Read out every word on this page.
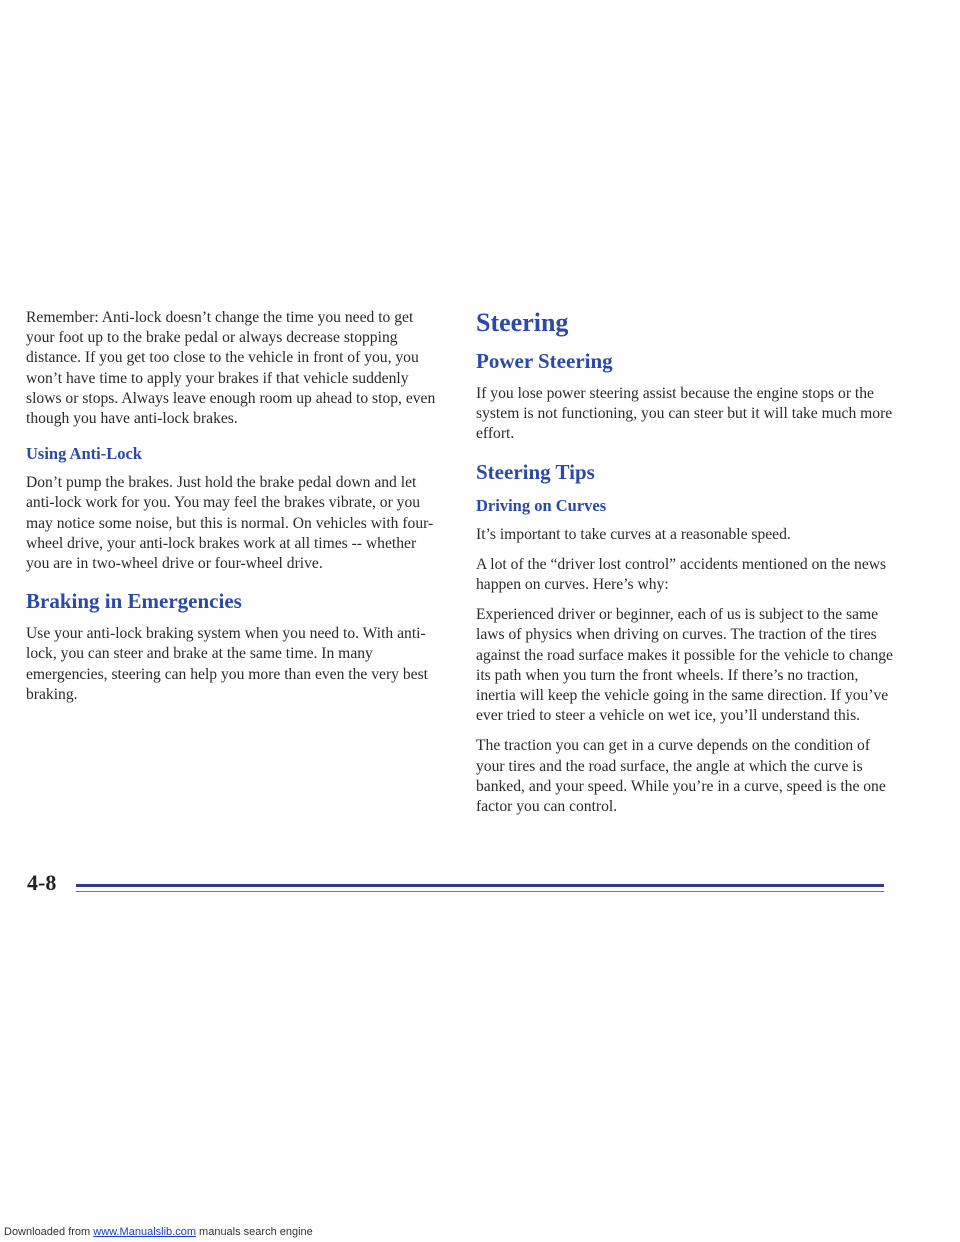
Remember: Anti-lock doesn’t change the time you need to get your foot up to the brake pedal or always decrease stopping distance. If you get too close to the vehicle in front of you, you won’t have time to apply your brakes if that vehicle suddenly slows or stops. Always leave enough room up ahead to stop, even though you have anti-lock brakes.

Using Anti-Lock

Don’t pump the brakes. Just hold the brake pedal down and let anti-lock work for you. You may feel the brakes vibrate, or you may notice some noise, but this is normal. On vehicles with four-wheel drive, your anti-lock brakes work at all times -- whether you are in two-wheel drive or four-wheel drive.

Braking in Emergencies

Use your anti-lock braking system when you need to. With anti-lock, you can steer and brake at the same time. In many emergencies, steering can help you more than even the very best braking.

Steering
Power Steering

If you lose power steering assist because the engine stops or the system is not functioning, you can steer but it will take much more effort.

Steering Tips
Driving on Curves

It’s important to take curves at a reasonable speed.

A lot of the “driver lost control” accidents mentioned on the news happen on curves. Here’s why:

Experienced driver or beginner, each of us is subject to the same laws of physics when driving on curves. The traction of the tires against the road surface makes it possible for the vehicle to change its path when you turn the front wheels. If there’s no traction, inertia will keep the vehicle going in the same direction. If you’ve ever tried to steer a vehicle on wet ice, you’ll understand this.

The traction you can get in a curve depends on the condition of your tires and the road surface, the angle at which the curve is banked, and your speed. While you’re in a curve, speed is the one factor you can control.

4-8
Downloaded from www.Manualslib.com manuals search engine
